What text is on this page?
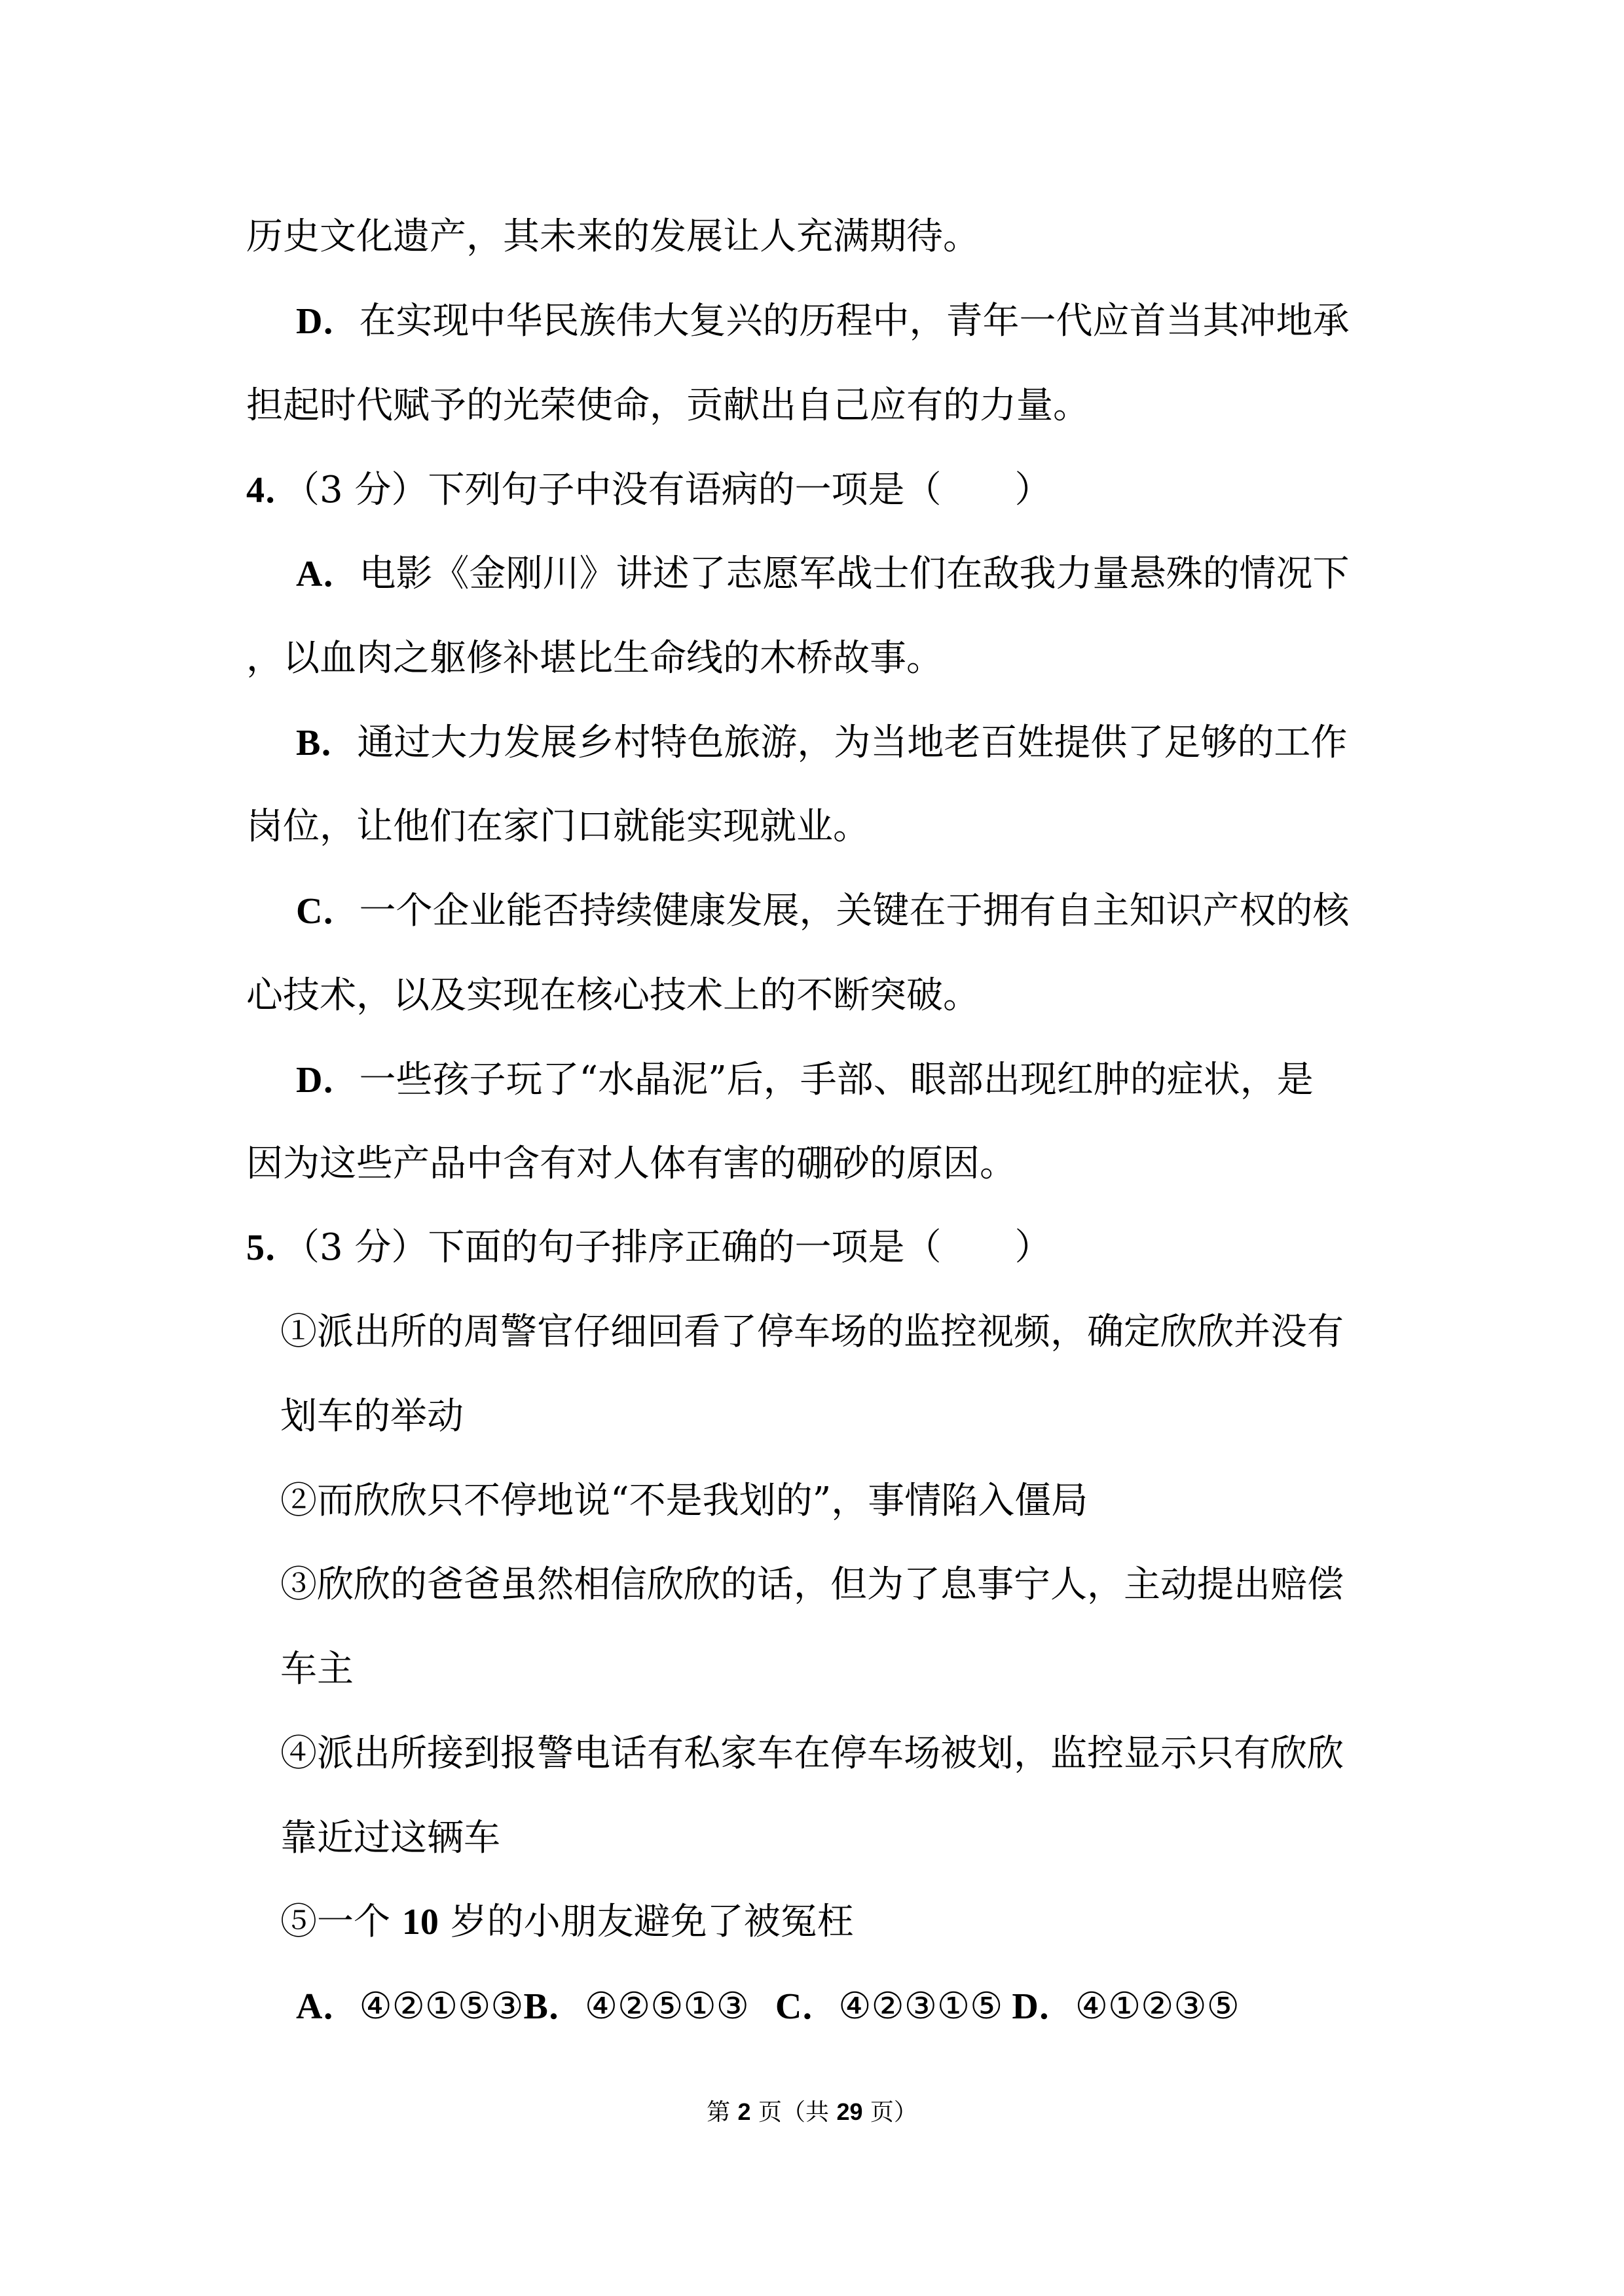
历史文化遗产，其未来的发展让人充满期待。
D．在实现中华民族伟大复兴的历程中，青年一代应首当其冲地承
担起时代赋予的光荣使命，贡献出自己应有的力量。
4．（3 分）下列句子中没有语病的一项是（　　）
A．电影《金刚川》讲述了志愿军战士们在敌我力量悬殊的情况下
，以血肉之躯修补堪比生命线的木桥故事。
B．通过大力发展乡村特色旅游，为当地老百姓提供了足够的工作
岗位，让他们在家门口就能实现就业。
C．一个企业能否持续健康发展，关键在于拥有自主知识产权的核
心技术，以及实现在核心技术上的不断突破。
D．一些孩子玩了“水晶泥”后，手部、眼部出现红肿的症状，是
因为这些产品中含有对人体有害的硼砂的原因。
5．（3 分）下面的句子排序正确的一项是（　　）
①派出所的周警官仔细回看了停车场的监控视频，确定欣欣并没有
划车的举动
②而欣欣只不停地说“不是我划的”，事情陷入僵局
③欣欣的爸爸虽然相信欣欣的话，但为了息事宁人，主动提出赔偿
车主
④派出所接到报警电话有私家车在停车场被划，监控显示只有欣欣
靠近过这辆车
⑤一个 10 岁的小朋友避免了被冤枉
A．④②①⑤③B．④②⑤①③ C．④②③①⑤ D．④①②③⑤
第 2 页（共 29 页）
